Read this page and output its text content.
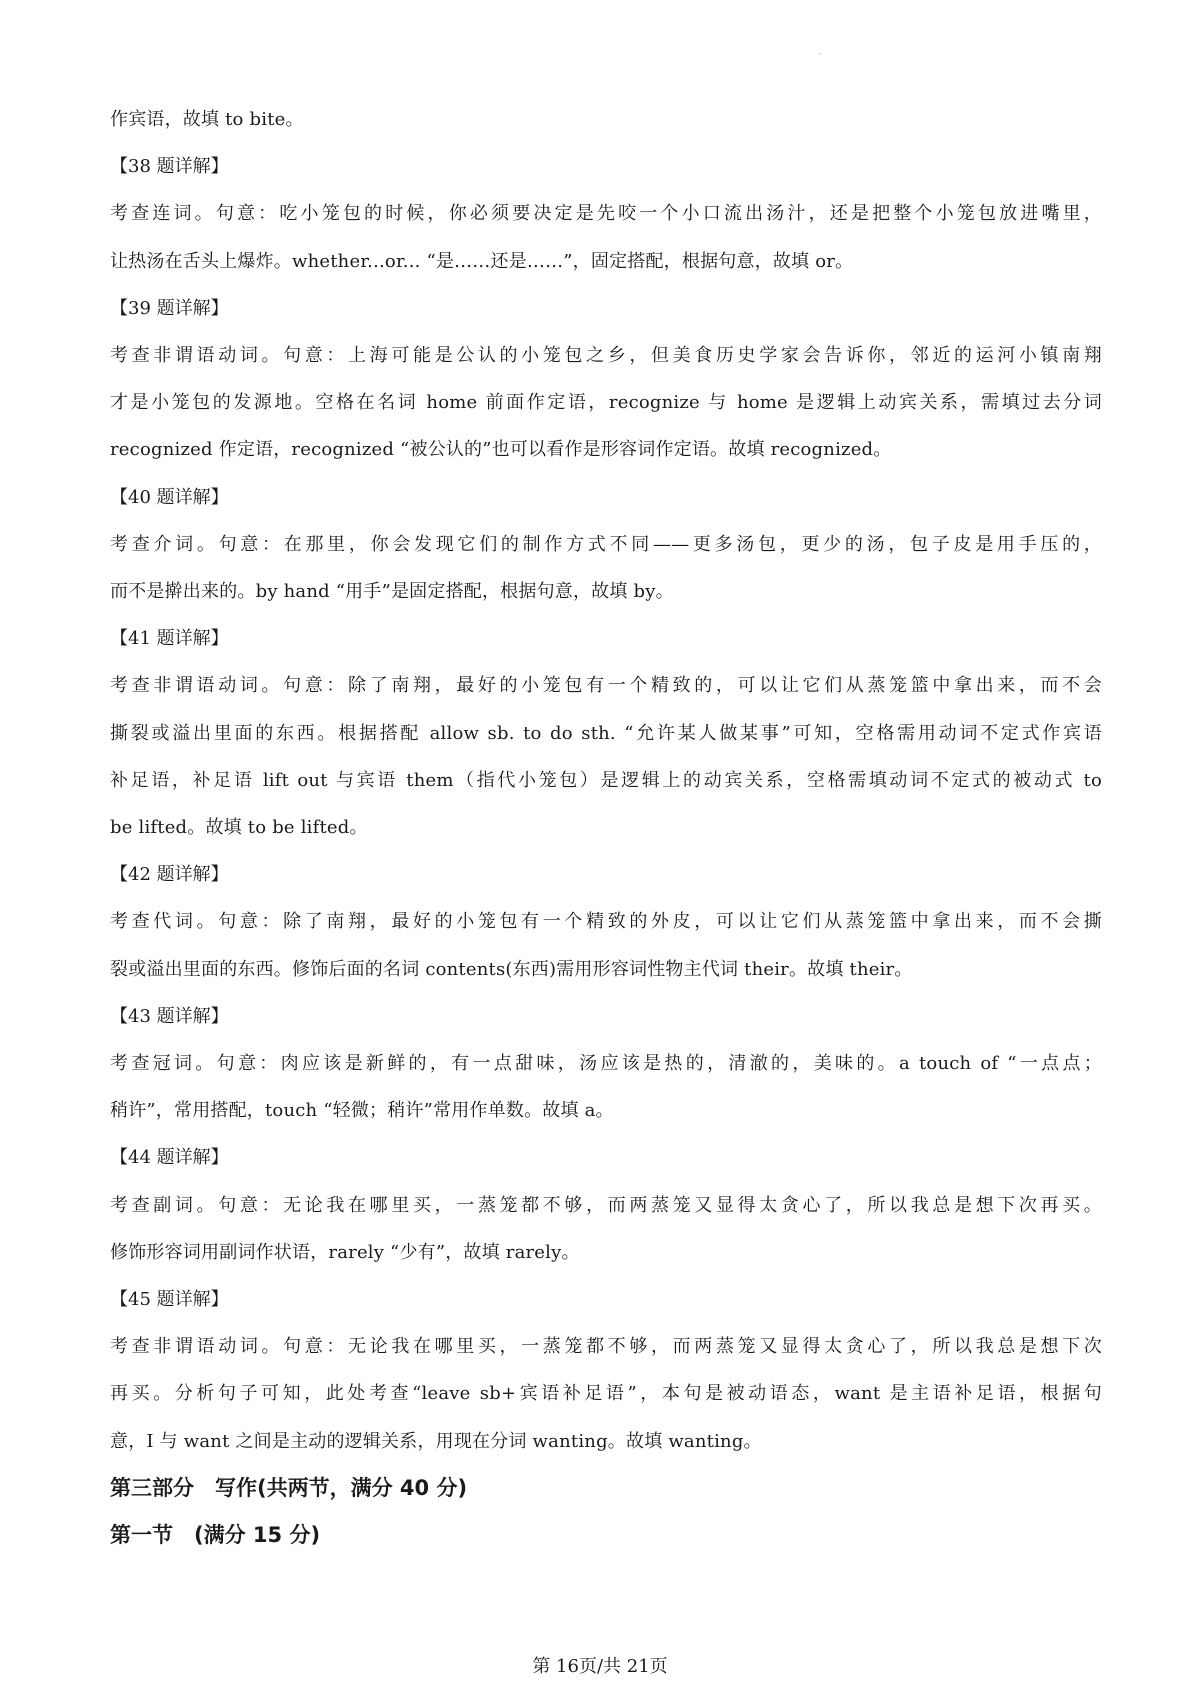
·

作宾语，故填 to bite。

【38 题详解】

考查连词。句意：吃小笼包的时候，你必须要决定是先咬一个小口流出汤汁，还是把整个小笼包放进嘴里，

让热汤在舌头上爆炸。whether...or... “是……还是……”，固定搭配，根据句意，故填 or。

【39 题详解】

考查非谓语动词。句意：上海可能是公认的小笼包之乡，但美食历史学家会告诉你，邻近的运河小镇南翔

才是小笼包的发源地。空格在名词 home 前面作定语，recognize 与 home 是逻辑上动宾关系，需填过去分词

recognized 作定语，recognized “被公认的”也可以看作是形容词作定语。故填 recognized。

【40 题详解】

考查介词。句意：在那里，你会发现它们的制作方式不同——更多汤包，更少的汤，包子皮是用手压的，

而不是擀出来的。by hand “用手”是固定搭配，根据句意，故填 by。

【41 题详解】

考查非谓语动词。句意：除了南翔，最好的小笼包有一个精致的，可以让它们从蒸笼篮中拿出来，而不会

撕裂或溢出里面的东西。根据搭配 allow sb. to do sth. “允许某人做某事”可知，空格需用动词不定式作宾语

补足语，补足语 lift out 与宾语 them（指代小笼包）是逻辑上的动宾关系，空格需填动词不定式的被动式 to

be lifted。故填 to be lifted。

【42 题详解】

考查代词。句意：除了南翔，最好的小笼包有一个精致的外皮，可以让它们从蒸笼篮中拿出来，而不会撕

裂或溢出里面的东西。修饰后面的名词 contents(东西)需用形容词性物主代词 their。故填 their。

【43 题详解】

考查冠词。句意：肉应该是新鲜的，有一点甜味，汤应该是热的，清澈的，美味的。a touch of “一点点；

稍许”，常用搭配，touch “轻微；稍许”常用作单数。故填 a。

【44 题详解】

考查副词。句意：无论我在哪里买，一蒸笼都不够，而两蒸笼又显得太贪心了，所以我总是想下次再买。

修饰形容词用副词作状语，rarely “少有”，故填 rarely。

【45 题详解】

考查非谓语动词。句意：无论我在哪里买，一蒸笼都不够，而两蒸笼又显得太贪心了，所以我总是想下次

再买。分析句子可知，此处考查“leave sb+宾语补足语”，本句是被动语态，want 是主语补足语，根据句

意，I 与 want 之间是主动的逻辑关系，用现在分词 wanting。故填 wanting。

第三部分　写作(共两节，满分 40 分)

第一节　(满分 15 分)

第 16页/共 21页
